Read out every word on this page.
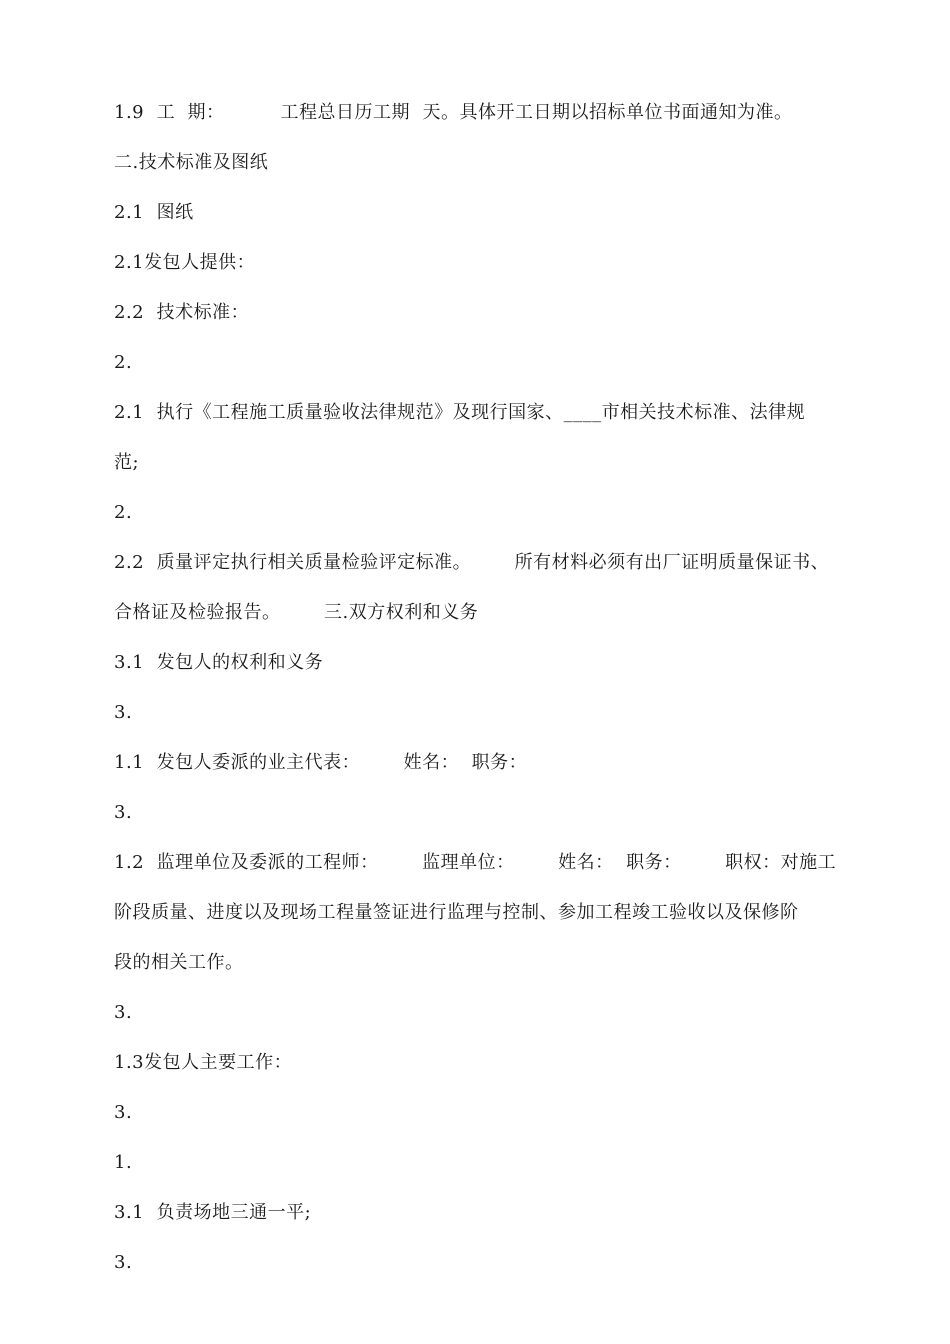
1.9  工  期：         工程总日历工期  天。具体开工日期以招标单位书面通知为准。
二.技术标准及图纸
2.1  图纸
2.1发包人提供：
2.2  技术标准：
2.
2.1  执行《工程施工质量验收法律规范》及现行国家、____市相关技术标准、法律规
范;
2.
2.2  质量评定执行相关质量检验评定标准。       所有材料必须有出厂证明质量保证书、
合格证及检验报告。       三.双方权利和义务
3.1  发包人的权利和义务
3.
1.1  发包人委派的业主代表：       姓名：  职务：
3.
1.2  监理单位及委派的工程师：       监理单位：       姓名：  职务：       职权：对施工
阶段质量、进度以及现场工程量签证进行监理与控制、参加工程竣工验收以及保修阶
段的相关工作。
3.
1.3发包人主要工作：
3.
1.
3.1  负责场地三通一平;
3.
